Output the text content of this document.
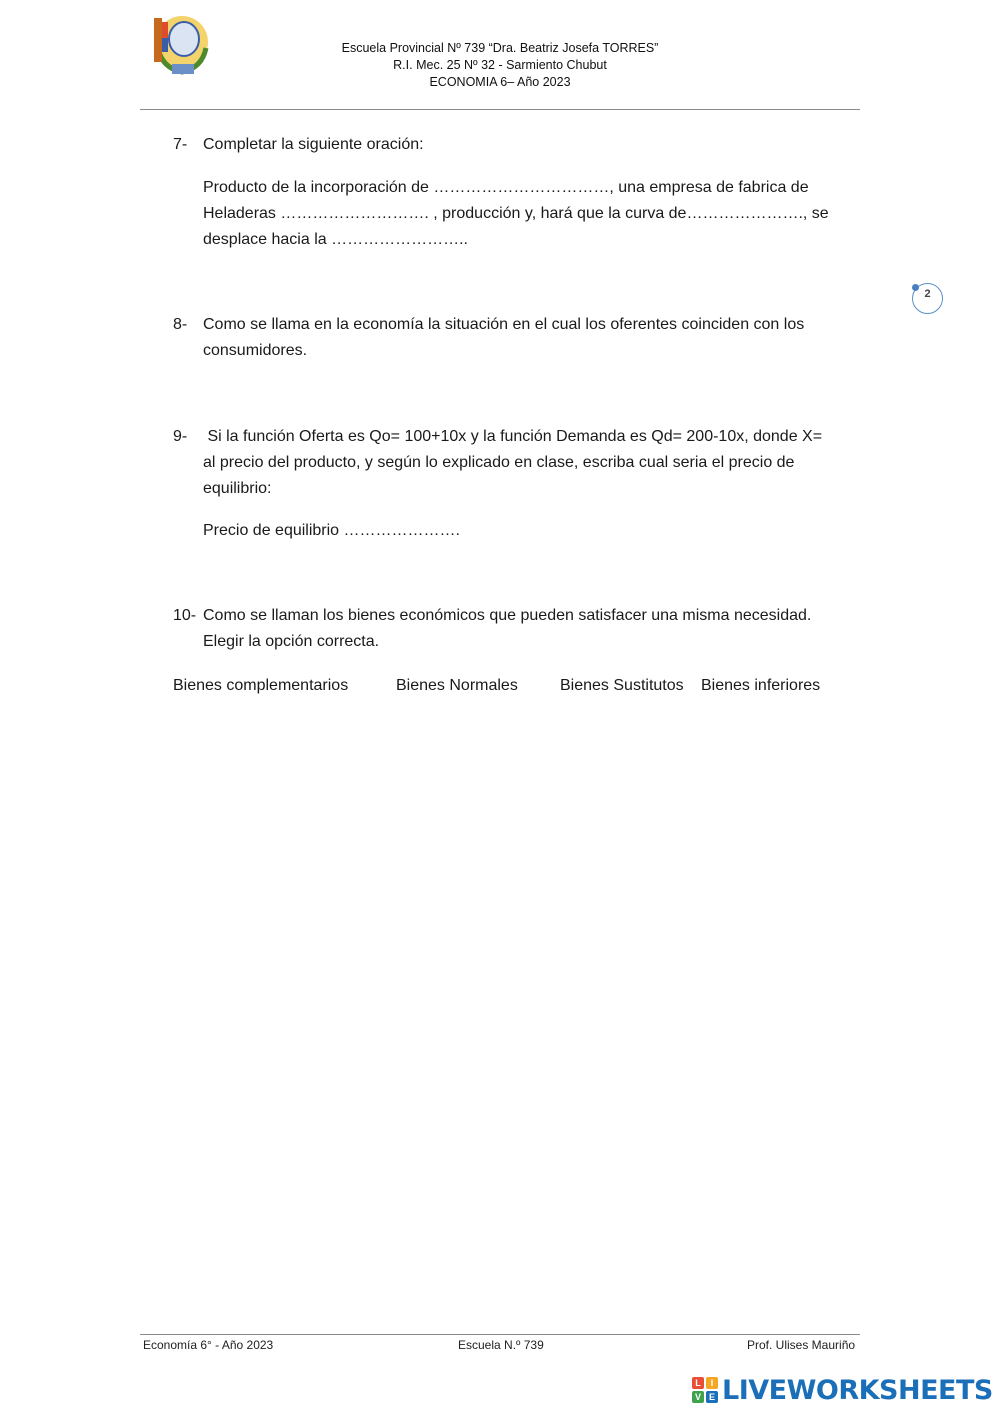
Escuela Provincial Nº 739 “Dra. Beatriz Josefa TORRES”
R.I. Mec. 25 Nº 32 - Sarmiento Chubut
ECONOMIA 6– Año 2023
2
7- Completar la siguiente oración:
Producto de la incorporación de ……………………………, una empresa de fabrica de
Heladeras ………………………. , producción y, hará que la curva de…………………., se
desplace hacia la ……………………..
8- Como se llama en la economía la situación en el cual los oferentes coinciden con los
consumidores.
9- Si la función Oferta es Qo= 100+10x y la función Demanda es Qd= 200-10x, donde X=
al precio del producto, y según lo explicado en clase, escriba cual seria el precio de
equilibrio:
Precio de equilibrio ………………….
10- Como se llaman los bienes económicos que pueden satisfacer una misma necesidad.
Elegir la opción correcta.
Bienes complementarios	Bienes Normales	Bienes Sustitutos Bienes inferiores
Economía 6° - Año 2023	Escuela N.º 739	Prof. Ulises Mauriño
L	I
V E LIVEWORKSHEETS
